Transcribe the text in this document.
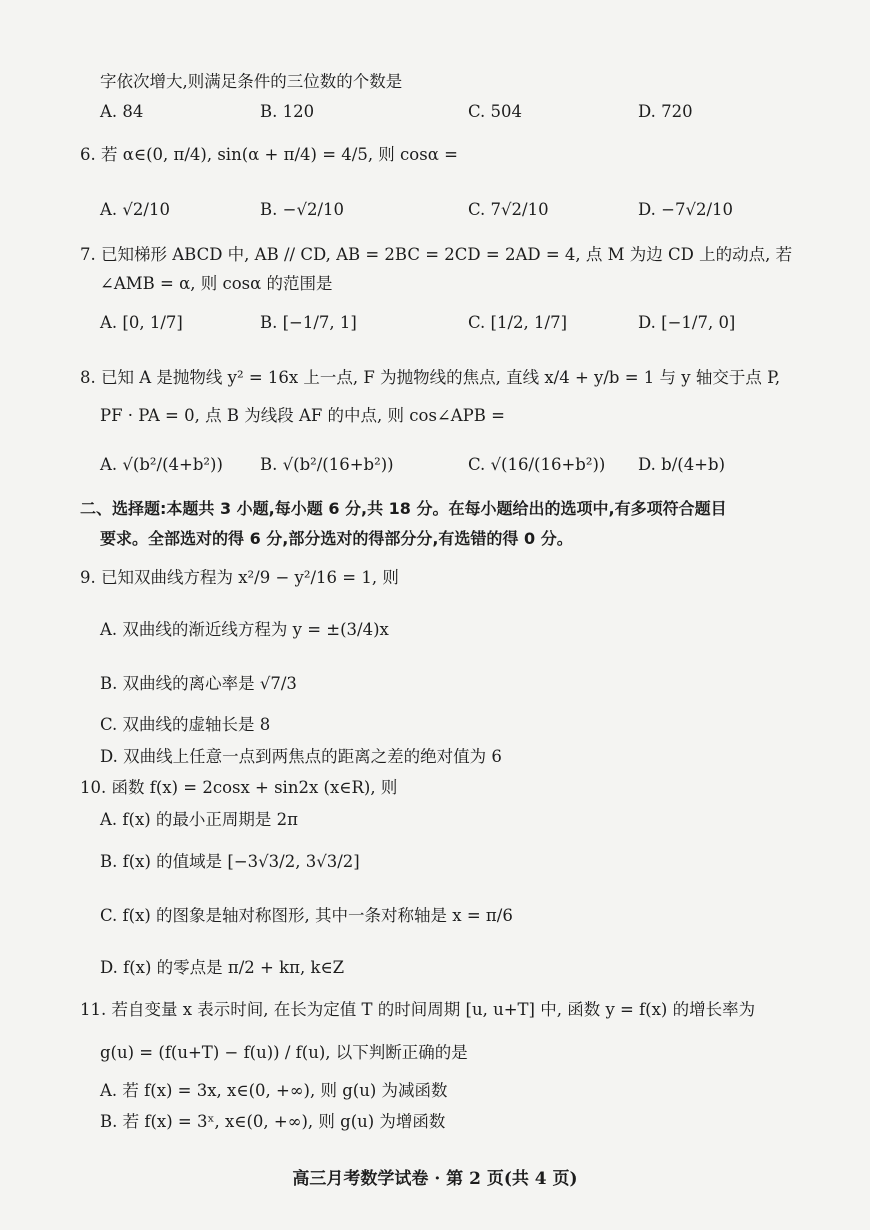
字依次增大,则满足条件的三位数的个数是
A. 84	B. 120	C. 504	D. 720
6. 若 α∈(0, π/4), sin(α + π/4) = 4/5, 则 cosα =
A. √2/10	B. −√2/10	C. 7√2/10	D. −7√2/10
7. 已知梯形 ABCD 中, AB // CD, AB = 2BC = 2CD = 2AD = 4, 点 M 为边 CD 上的动点, 若
∠AMB = α, 则 cosα 的范围是
A. [0, 1/7]	B. [−1/7, 1]	C. [1/2, 1/7]	D. [−1/7, 0]
8. 已知 A 是抛物线 y² = 16x 上一点, F 为抛物线的焦点, 直线 x/4 + y/b = 1 与 y 轴交于点 P,
PF · PA = 0, 点 B 为线段 AF 的中点, 则 cos∠APB =
A. √(b²/(4+b²)) B. √(b²/(16+b²))	C. √(16/(16+b²)) D. b/(4+b)
二、选择题:本题共 3 小题,每小题 6 分,共 18 分。在每小题给出的选项中,有多项符合题目
要求。全部选对的得 6 分,部分选对的得部分分,有选错的得 0 分。
9. 已知双曲线方程为 x²/9 − y²/16 = 1, 则
A. 双曲线的渐近线方程为 y = ±(3/4)x
B. 双曲线的离心率是 √7/3
C. 双曲线的虚轴长是 8
D. 双曲线上任意一点到两焦点的距离之差的绝对值为 6
10. 函数 f(x) = 2cosx + sin2x (x∈R), 则
A. f(x) 的最小正周期是 2π
B. f(x) 的值域是 [−3√3/2, 3√3/2]
C. f(x) 的图象是轴对称图形, 其中一条对称轴是 x = π/6
D. f(x) 的零点是 π/2 + kπ, k∈Z
11. 若自变量 x 表示时间, 在长为定值 T 的时间周期 [u, u+T] 中, 函数 y = f(x) 的增长率为
g(u) = (f(u+T) − f(u)) / f(u), 以下判断正确的是
A. 若 f(x) = 3x, x∈(0, +∞), 则 g(u) 为减函数
B. 若 f(x) = 3ˣ, x∈(0, +∞), 则 g(u) 为增函数
高三月考数学试卷 · 第 2 页(共 4 页)
